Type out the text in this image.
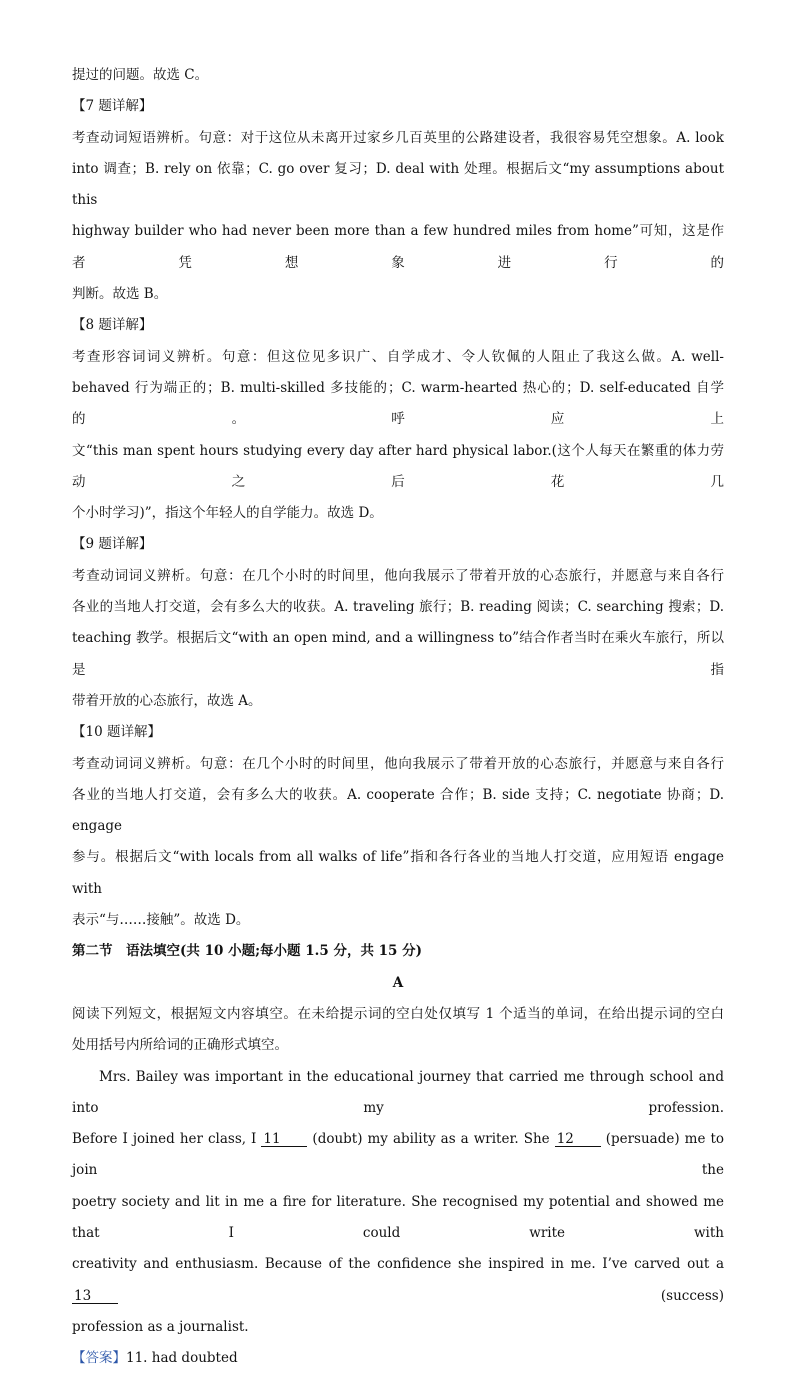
提过的问题。故选 C。
【7 题详解】
考查动词短语辨析。句意：对于这位从未离开过家乡几百英里的公路建设者，我很容易凭空想象。A. look
into 调查；B. rely on 依靠；C. go over 复习；D. deal with 处理。根据后文“my assumptions about this
highway builder who had never been more than a few hundred miles from home”可知，这是作者凭想象进行的
判断。故选 B。
【8 题详解】
考查形容词词义辨析。句意：但这位见多识广、自学成才、令人钦佩的人阻止了我这么做。A. well-
behaved 行为端正的；B. multi-skilled 多技能的；C. warm-hearted 热心的；D. self-educated 自学的。呼应上
文“this man spent hours studying every day after hard physical labor.(这个人每天在繁重的体力劳动之后花几
个小时学习)”，指这个年轻人的自学能力。故选 D。
【9 题详解】
考查动词词义辨析。句意：在几个小时的时间里，他向我展示了带着开放的心态旅行，并愿意与来自各行
各业的当地人打交道，会有多么大的收获。A. traveling 旅行；B. reading 阅读；C. searching 搜索；D.
teaching 教学。根据后文“with an open mind, and a willingness to”结合作者当时在乘火车旅行，所以是指
带着开放的心态旅行，故选 A。
【10 题详解】
考查动词词义辨析。句意：在几个小时的时间里，他向我展示了带着开放的心态旅行，并愿意与来自各行
各业的当地人打交道，会有多么大的收获。A. cooperate 合作；B. side 支持；C. negotiate 协商；D. engage
参与。根据后文“with locals from all walks of life”指和各行各业的当地人打交道，应用短语 engage with
表示“与……接触”。故选 D。
第二节　语法填空(共 10 小题;每小题 1.5 分，共 15 分)
A
阅读下列短文，根据短文内容填空。在未给提示词的空白处仅填写 1 个适当的单词，在给出提示词的空白
处用括号内所给词的正确形式填空。
Mrs. Bailey was important in the educational journey that carried me through school and into my profession.
Before I joined her class, I 11 (doubt) my ability as a writer. She 12 (persuade) me to join the
poetry society and lit in me a fire for literature. She recognised my potential and showed me that I could write with
creativity and enthusiasm. Because of the confidence she inspired in me. I’ve carved out a 13 (success)
profession as a journalist.
【答案】11. had doubted
